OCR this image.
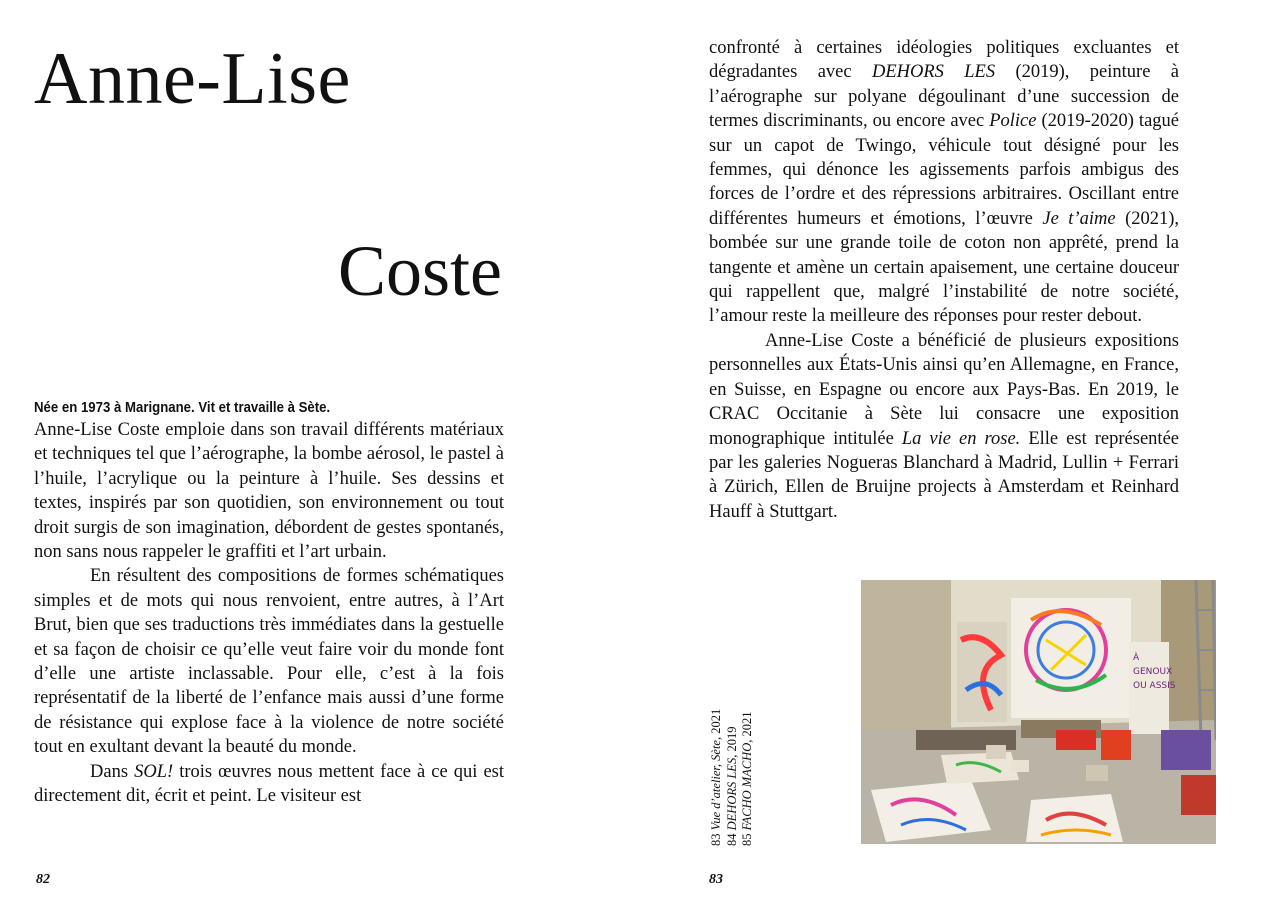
Anne-Lise
Coste
Née en 1973 à Marignane. Vit et travaille à Sète.

Anne-Lise Coste emploie dans son travail différents matériaux et techniques tel que l’aérographe, la bombe aérosol, le pastel à l’huile, l’acrylique ou la peinture à l’huile. Ses dessins et textes, inspirés par son quotidien, son environnement ou tout droit surgis de son imagination, débordent de gestes spontanés, non sans nous rappeler le graffiti et l’art urbain.

En résultent des compositions de formes schématiques simples et de mots qui nous renvoient, entre autres, à l’Art Brut, bien que ses traductions très immédiates dans la gestuelle et sa façon de choisir ce qu’elle veut faire voir du monde font d’elle une artiste inclassable. Pour elle, c’est à la fois représentatif de la liberté de l’enfance mais aussi d’une forme de résistance qui explose face à la violence de notre société tout en exultant devant la beauté du monde.

Dans SOL! trois œuvres nous mettent face à ce qui est directement dit, écrit et peint. Le visiteur est

82

confronté à certaines idéologies politiques excluantes et dégradantes avec DEHORS LES (2019), peinture à l’aérographe sur polyane dégoulinant d’une succession de termes discriminants, ou encore avec Police (2019-2020) tagué sur un capot de Twingo, véhicule tout désigné pour les femmes, qui dénonce les agissements parfois ambigus des forces de l’ordre et des répressions arbitraires. Oscillant entre différentes humeurs et émotions, l’œuvre Je t’aime (2021), bombée sur une grande toile de coton non apprêté, prend la tangente et amène un certain apaisement, une certaine douceur qui rappellent que, malgré l’instabilité de notre société, l’amour reste la meilleure des réponses pour rester debout.

Anne-Lise Coste a bénéficié de plusieurs expositions personnelles aux États-Unis ainsi qu’en Allemagne, en France, en Suisse, en Espagne ou encore aux Pays-Bas. En 2019, le CRAC Occitanie à Sète lui consacre une exposition monographique intitulée La vie en rose. Elle est représentée par les galeries Nogueras Blanchard à Madrid, Lullin + Ferrari à Zürich, Ellen de Bruijne projects à Amsterdam et Reinhard Hauff à Stuttgart.

83 Vue d’atelier, Sète, 2021
84 DEHORS LES, 2019
85 FACHO MACHO, 2021
À
GENOUX
OU ASSIS
83
